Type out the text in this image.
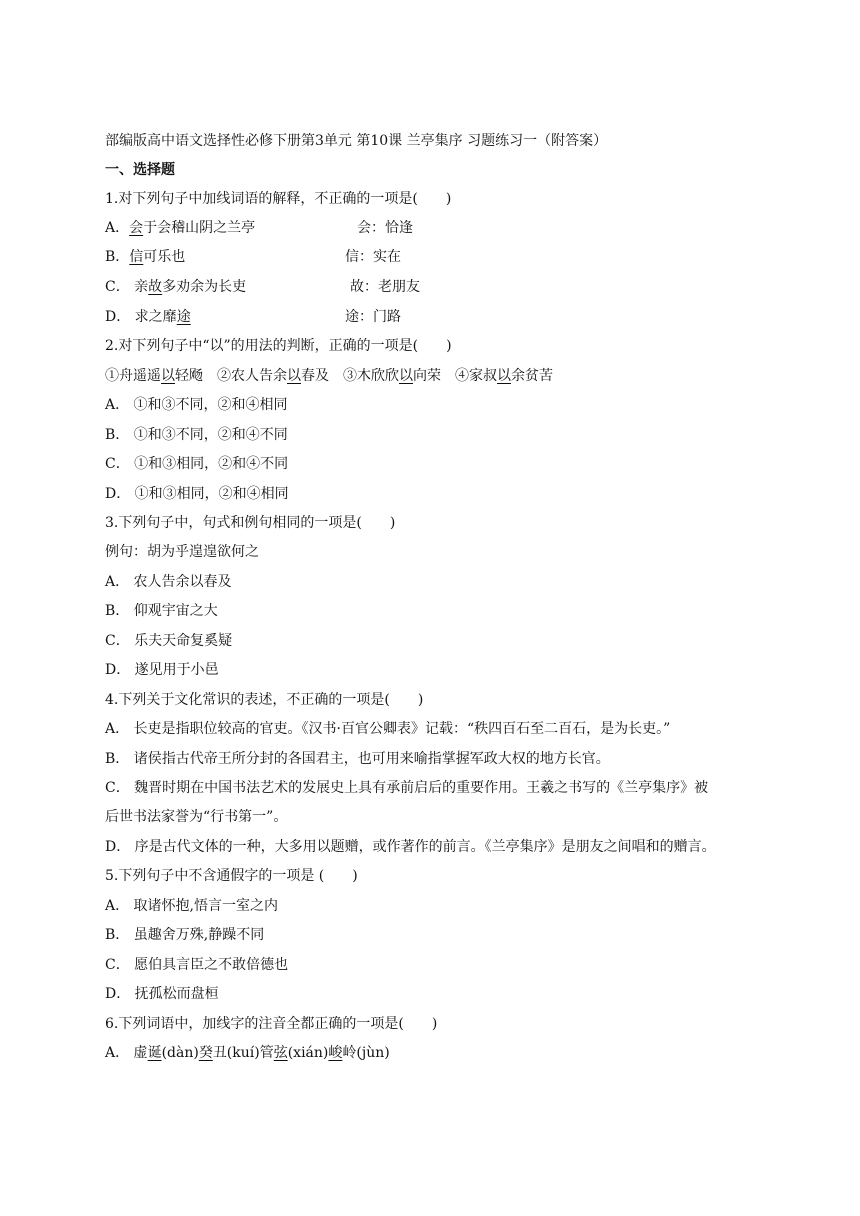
部编版高中语文选择性必修下册第3单元 第10课 兰亭集序 习题练习一（附答案）
一、选择题
1.对下列句子中加线词语的解释，不正确的一项是(　　)
A．会于会稽山阴之兰亭	会：恰逢
B．信可乐也	信：实在
C． 亲故多劝余为长吏	故：老朋友
D． 求之靡途	途：门路
2.对下列句子中“以”的用法的判断，正确的一项是(　　)
①舟遥遥以轻飏 ②农人告余以春及 ③木欣欣以向荣 ④家叔以余贫苦
A． ①和③不同，②和④相同
B． ①和③不同，②和④不同
C． ①和③相同，②和④不同
D． ①和③相同，②和④相同
3.下列句子中，句式和例句相同的一项是(　　)
例句：胡为乎遑遑欲何之
A． 农人告余以春及
B． 仰观宇宙之大
C． 乐夫天命复奚疑
D． 遂见用于小邑
4.下列关于文化常识的表述，不正确的一项是(　　)
A． 长吏是指职位较高的官吏。《汉书·百官公卿表》记载：“秩四百石至二百石，是为长吏。”
B． 诸侯指古代帝王所分封的各国君主，也可用来喻指掌握军政大权的地方长官。
C． 魏晋时期在中国书法艺术的发展史上具有承前启后的重要作用。王羲之书写的《兰亭集序》被
后世书法家誉为“行书第一”。
D． 序是古代文体的一种，大多用以题赠，或作著作的前言。《兰亭集序》是朋友之间唱和的赠言。
5.下列句子中不含通假字的一项是 (　　)
A． 取诸怀抱,悟言一室之内
B． 虽趣舍万殊,静躁不同
C． 愿伯具言臣之不敢倍德也
D． 抚孤松而盘桓
6.下列词语中，加线字的注音全都正确的一项是(　　)
A． 虚诞(dàn)癸丑(kuí)管弦(xián)峻岭(jùn)
